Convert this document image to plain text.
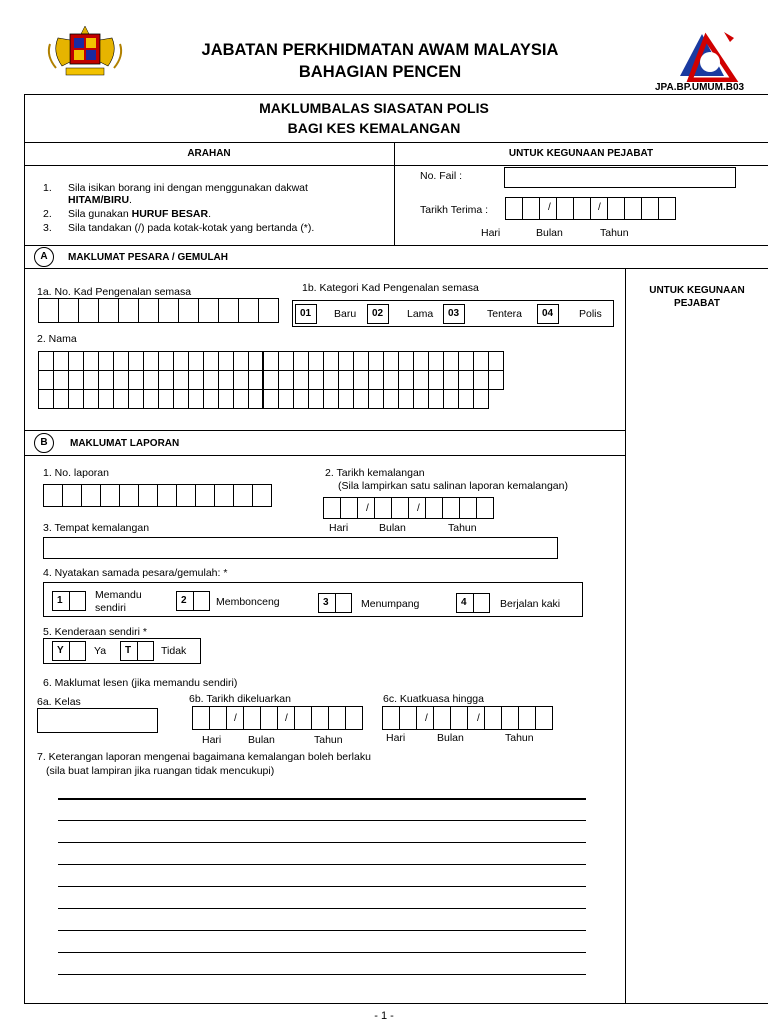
JABATAN PERKHIDMATAN AWAM MALAYSIA
BAHAGIAN PENCEN
JPA.BP.UMUM.B03
MAKLUMBALAS SIASATAN POLIS
BAGI KES KEMALANGAN
ARAHAN	UNTUK KEGUNAAN PEJABAT
1. Sila isikan borang ini dengan menggunakan dakwat
HITAM/BIRU.
2. Sila gunakan HURUF BESAR.
3. Sila tandakan (/) pada kotak-kotak yang bertanda (*).
No. Fail :
Tarikh Terima :	/	/
Hari	Bulan	Tahun
A	MAKLUMAT PESARA / GEMULAH
UNTUK KEGUNAAN
PEJABAT
1a. No. Kad Pengenalan semasa	1b. Kategori Kad Pengenalan semasa
01	Baru	02	Lama	03	Tentera	04	Polis
2. Nama
B	MAKLUMAT LAPORAN
1. No. laporan	2. Tarikh kemalangan
(Sila lampirkan satu salinan laporan kemalangan)
/	/
Hari	Bulan	Tahun
3. Tempat kemalangan
4. Nyatakan samada pesara/gemulah: *
1	Memandu
sendiri
2	Membonceng	3	Menumpang	4	Berjalan kaki
5. Kenderaan sendiri *
Y	Ya	T	Tidak
6. Maklumat lesen (jika memandu sendiri)
6a. Kelas	6b. Tarikh dikeluarkan
/	/
Hari	Bulan	Tahun
6c. Kuatkuasa hingga
/	/
Hari	Bulan	Tahun
7. Keterangan laporan mengenai bagaimana kemalangan boleh berlaku
(sila buat lampiran jika ruangan tidak mencukupi)
- 1 -
